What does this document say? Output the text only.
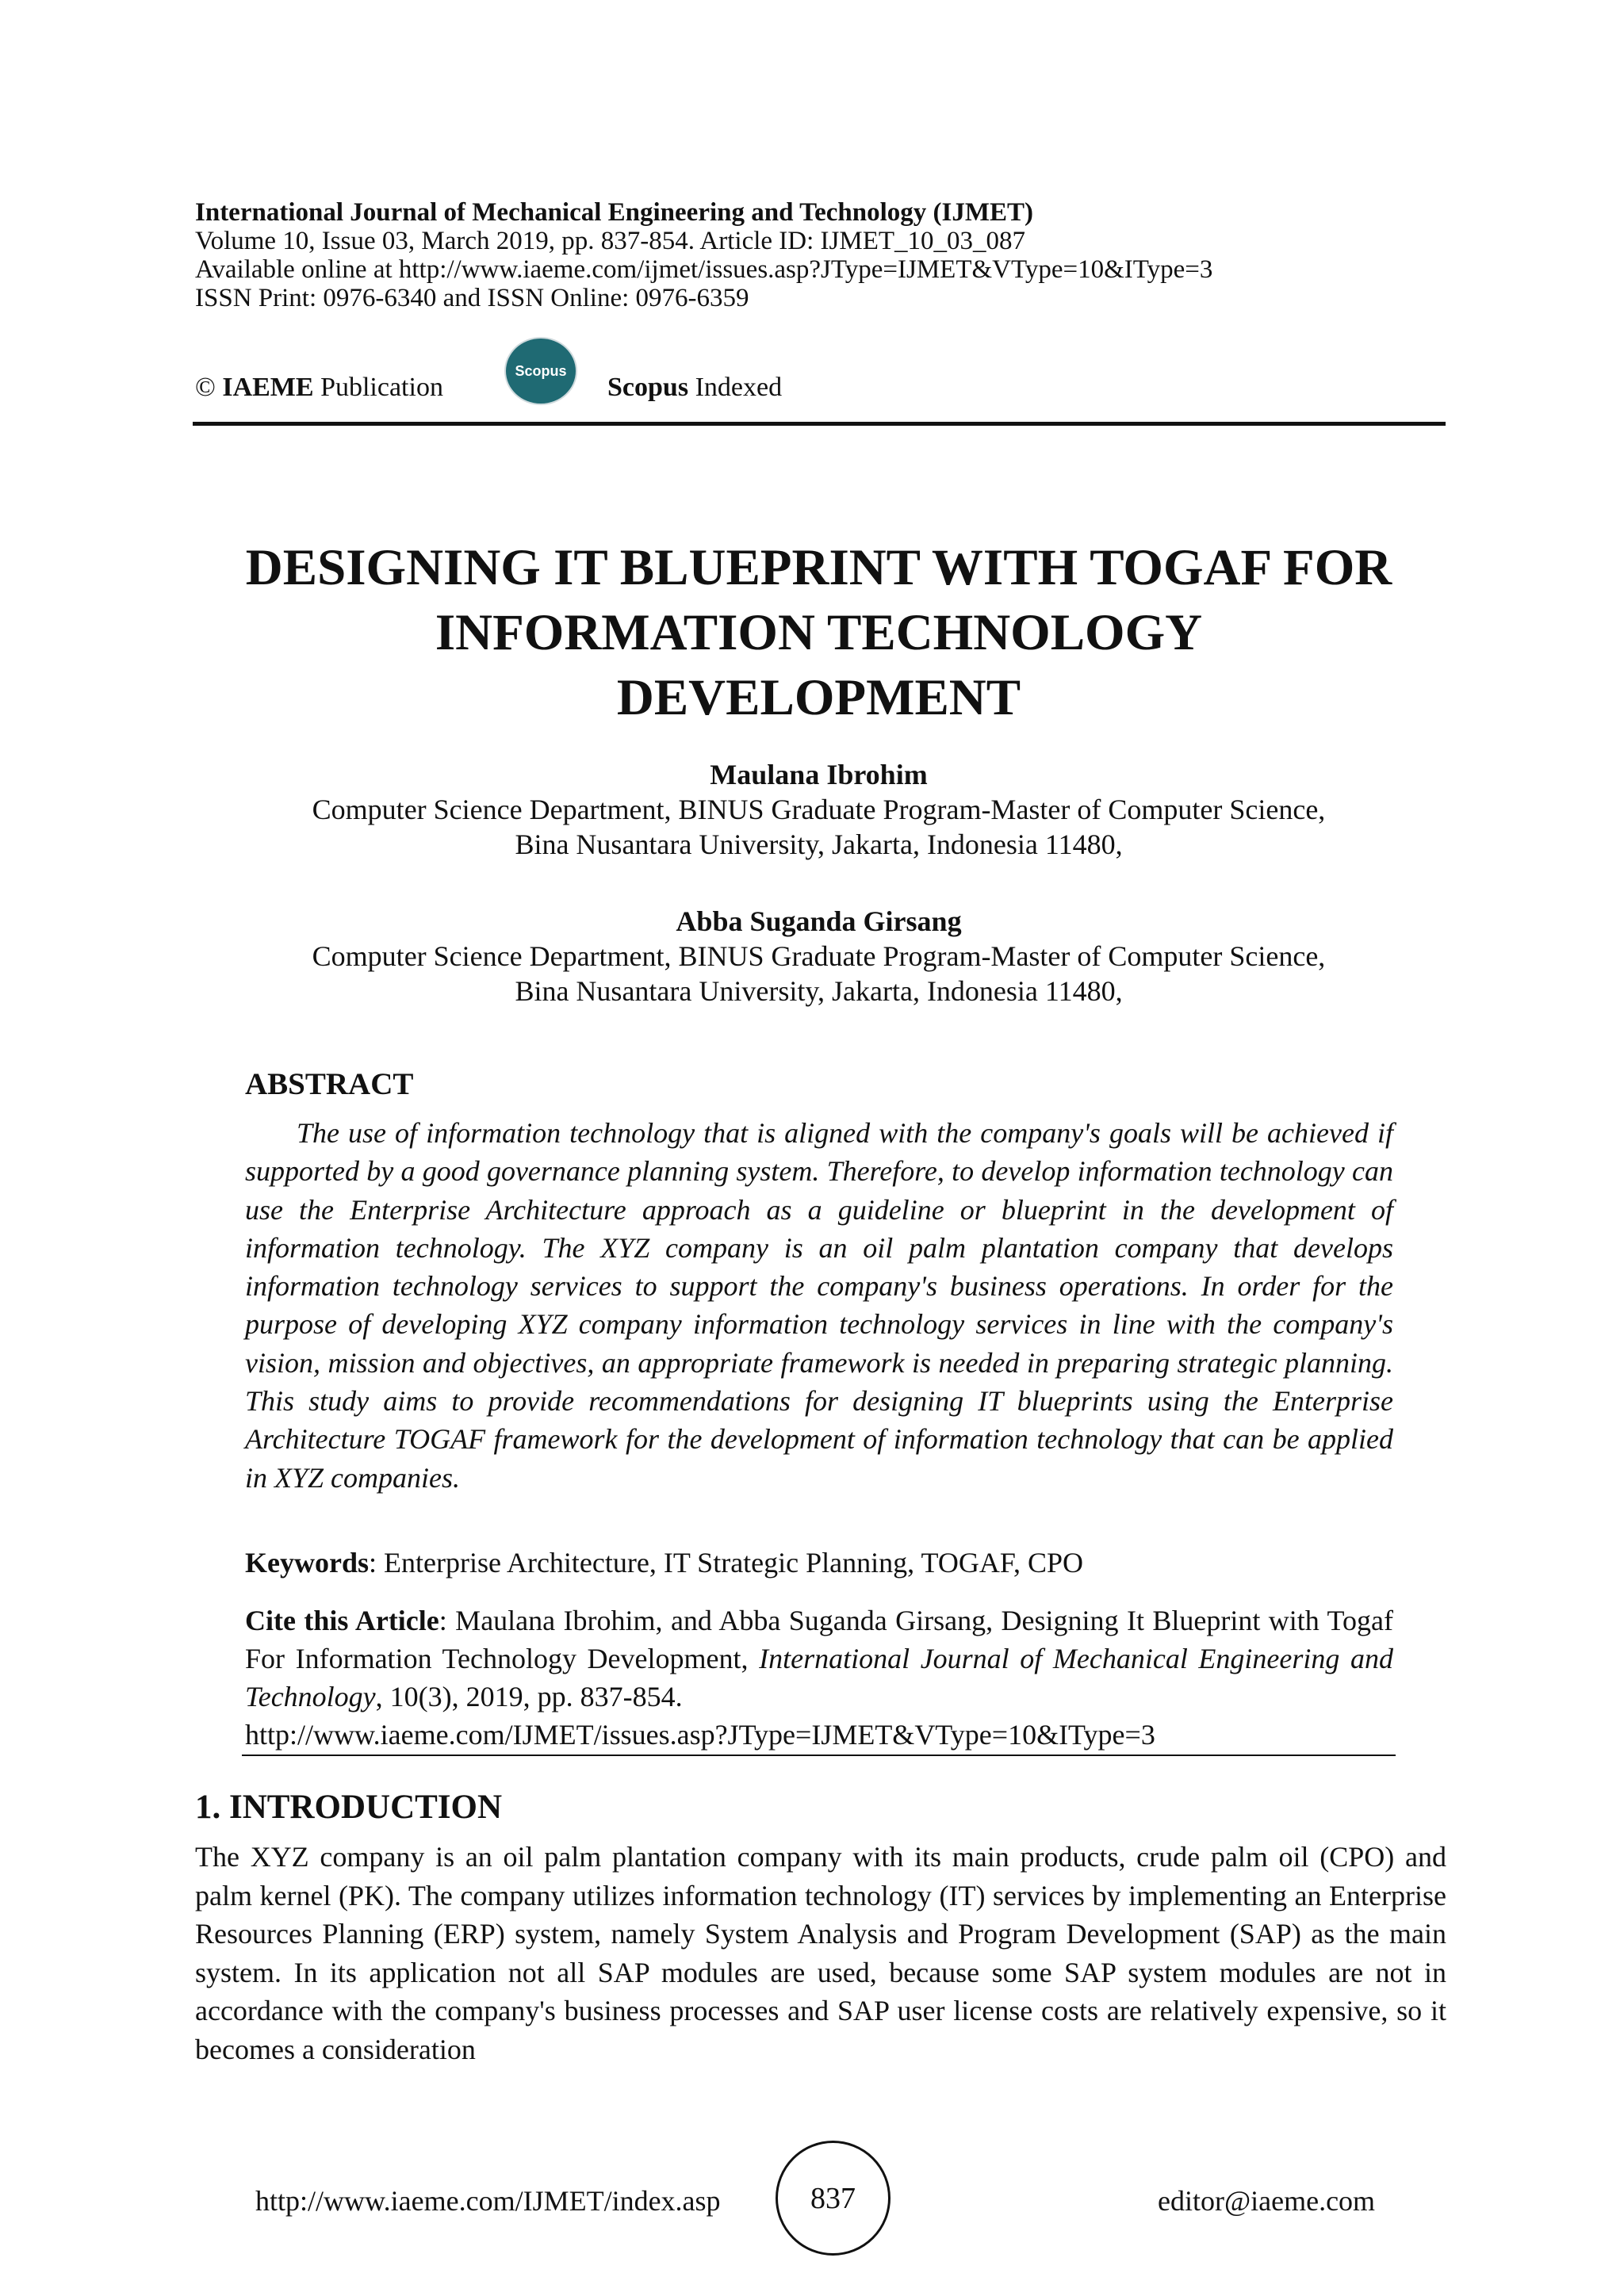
International Journal of Mechanical Engineering and Technology (IJMET)
Volume 10, Issue 03, March 2019, pp. 837-854. Article ID: IJMET_10_03_087
Available online at http://www.iaeme.com/ijmet/issues.asp?JType=IJMET&VType=10&IType=3
ISSN Print: 0976-6340 and ISSN Online: 0976-6359
© IAEME Publication
Scopus
Scopus Indexed
DESIGNING IT BLUEPRINT WITH TOGAF FOR
INFORMATION TECHNOLOGY
DEVELOPMENT
Maulana Ibrohim
Computer Science Department, BINUS Graduate Program-Master of Computer Science,
Bina Nusantara University, Jakarta, Indonesia 11480,
Abba Suganda Girsang
Computer Science Department, BINUS Graduate Program-Master of Computer Science,
Bina Nusantara University, Jakarta, Indonesia 11480,
ABSTRACT
The use of information technology that is aligned with the company's goals will be achieved if supported by a good governance planning system. Therefore, to develop information technology can use the Enterprise Architecture approach as a guideline or blueprint in the development of information technology. The XYZ company is an oil palm plantation company that develops information technology services to support the company's business operations. In order for the purpose of developing XYZ company information technology services in line with the company's vision, mission and objectives, an appropriate framework is needed in preparing strategic planning. This study aims to provide recommendations for designing IT blueprints using the Enterprise Architecture TOGAF framework for the development of information technology that can be applied in XYZ companies.
Keywords: Enterprise Architecture, IT Strategic Planning, TOGAF, CPO
Cite this Article: Maulana Ibrohim, and Abba Suganda Girsang, Designing It Blueprint with Togaf For Information Technology Development, International Journal of Mechanical Engineering and Technology, 10(3), 2019, pp. 837-854.
http://www.iaeme.com/IJMET/issues.asp?JType=IJMET&VType=10&IType=3
1. INTRODUCTION
The XYZ company is an oil palm plantation company with its main products, crude palm oil (CPO) and palm kernel (PK). The company utilizes information technology (IT) services by implementing an Enterprise Resources Planning (ERP) system, namely System Analysis and Program Development (SAP) as the main system. In its application not all SAP modules are used, because some SAP system modules are not in accordance with the company's business processes and SAP user license costs are relatively expensive, so it becomes a consideration
http://www.iaeme.com/IJMET/index.asp	837	editor@iaeme.com
